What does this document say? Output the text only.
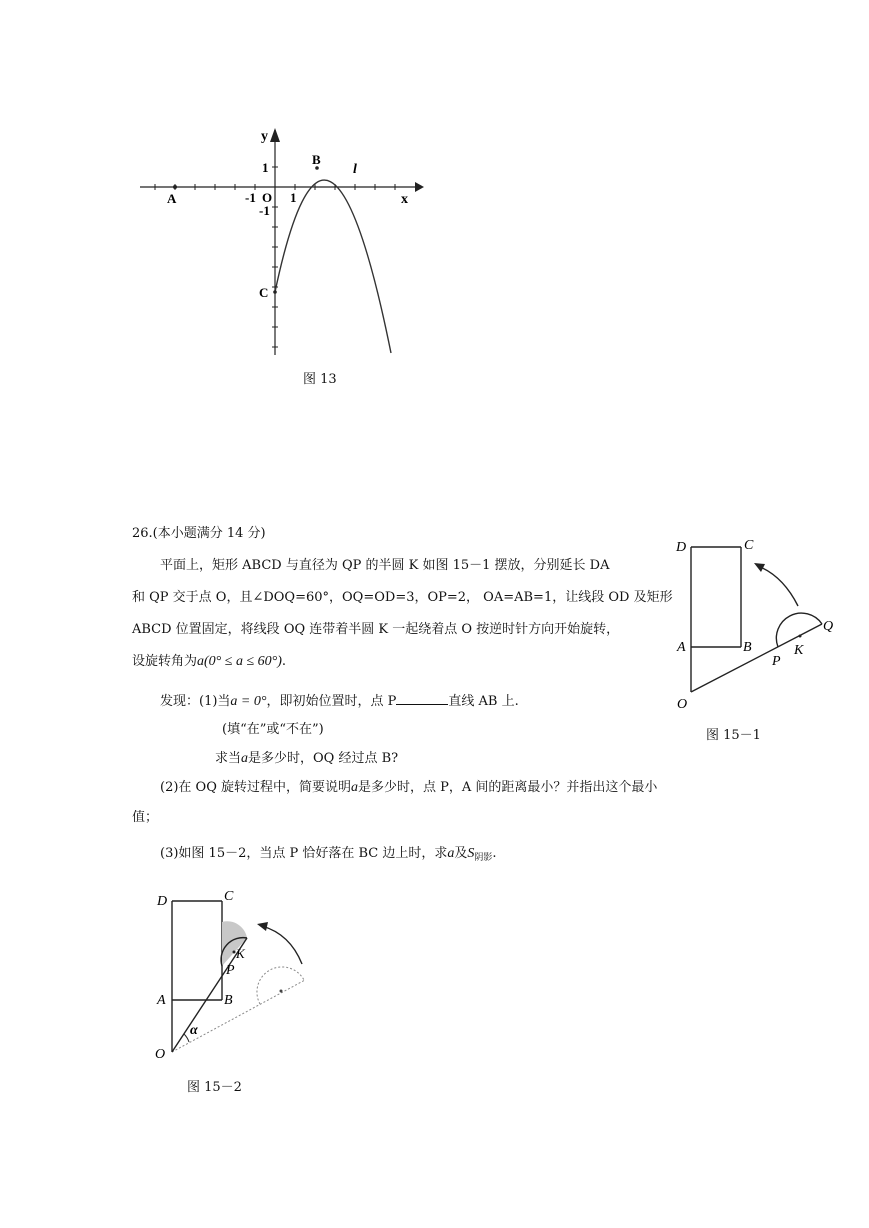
y
x
1
B
l
A	-1 O 1
-1
C
图 13
26.(本小题满分 14 分)
平面上，矩形 ABCD 与直径为 QP 的半圆 K 如图 15－1 摆放，分别延长 DA
和 QP 交于点 O，且∠DOQ=60°，OQ=OD=3，OP=2， OA=AB=1，让线段 OD 及矩形
ABCD 位置固定，将线段 OQ 连带着半圆 K 一起绕着点 O 按逆时针方向开始旋转，
设旋转角为a(0° ≤ a ≤ 60°).
发现：(1)当a = 0°，即初始位置时，点 P	直线 AB 上.
(填“在”或“不在”)
求当a是多少时，OQ 经过点 B?
(2)在 OQ 旋转过程中，简要说明a是多少时，点 P，A 间的距离最小？并指出这个最小
值；
(3)如图 15－2，当点 P 恰好落在 BC 边上时，求a及$S_{阴影}$.
D	C
A	B
O
P
K
Q
图 15－1
D	C
A	B
O
P
K
α
图 15－2
